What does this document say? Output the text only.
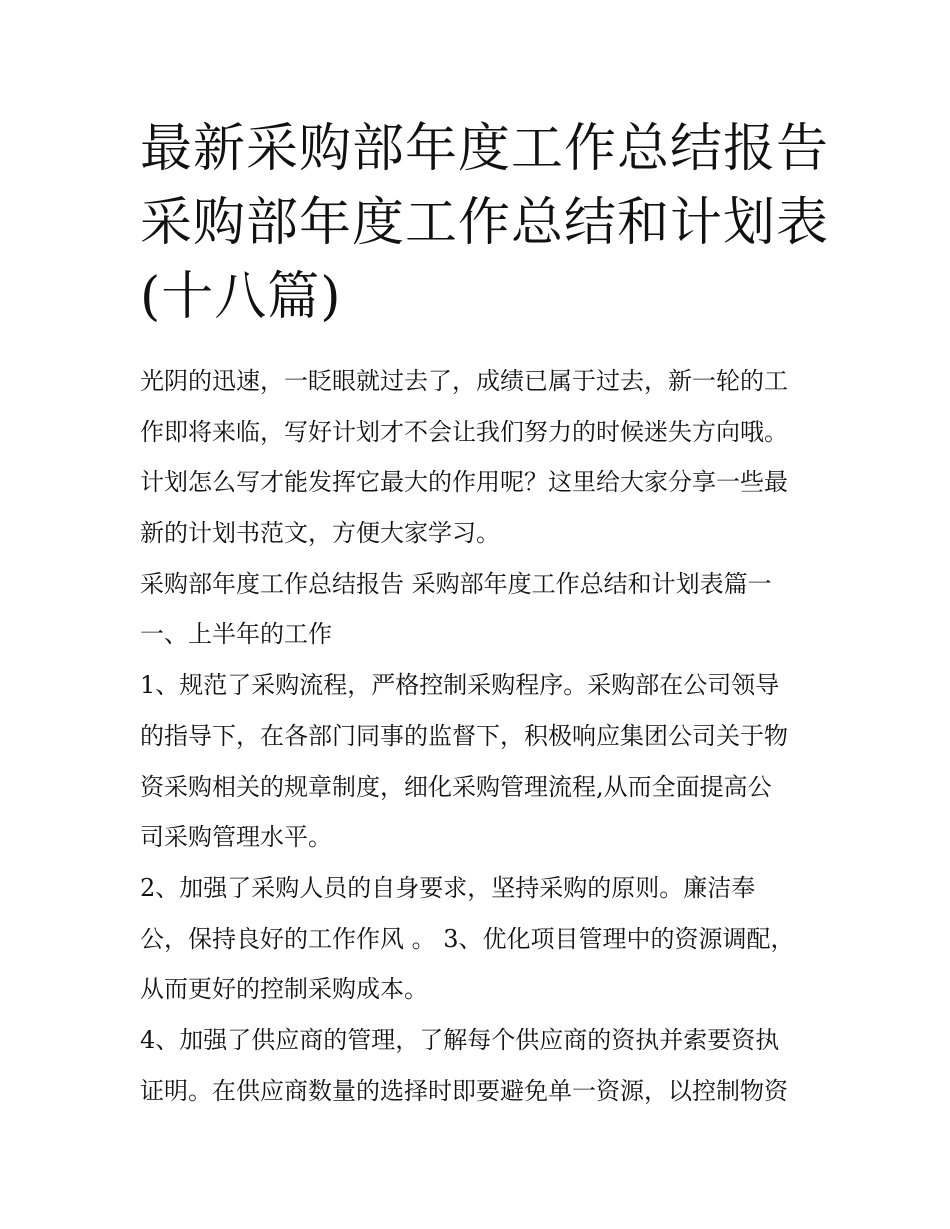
最新采购部年度工作总结报告
采购部年度工作总结和计划表
(十八篇)
光阴的迅速，一眨眼就过去了，成绩已属于过去，新一轮的工
作即将来临，写好计划才不会让我们努力的时候迷失方向哦。
计划怎么写才能发挥它最大的作用呢？这里给大家分享一些最
新的计划书范文，方便大家学习。
采购部年度工作总结报告 采购部年度工作总结和计划表篇一
一、上半年的工作
1、规范了采购流程，严格控制采购程序。采购部在公司领导
的指导下，在各部门同事的监督下，积极响应集团公司关于物
资采购相关的规章制度，细化采购管理流程,从而全面提高公
司采购管理水平。
2、加强了采购人员的自身要求，坚持采购的原则。廉洁奉
公，保持良好的工作作风 。 3、优化项目管理中的资源调配，
从而更好的控制采购成本。
4、加强了供应商的管理，了解每个供应商的资执并索要资执
证明。在供应商数量的选择时即要避免单一资源，以控制物资
